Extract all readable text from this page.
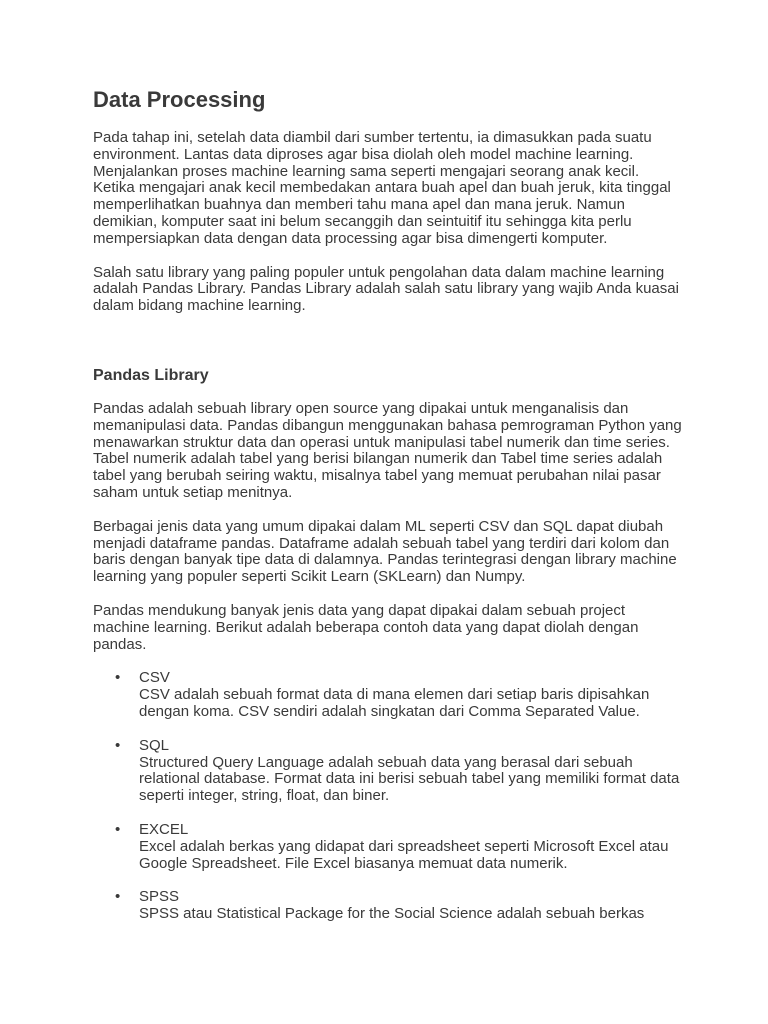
Data Processing

Pada tahap ini, setelah data diambil dari sumber tertentu, ia dimasukkan pada suatu environment. Lantas data diproses agar bisa diolah oleh model machine learning. Menjalankan proses machine learning sama seperti mengajari seorang anak kecil. Ketika mengajari anak kecil membedakan antara buah apel dan buah jeruk, kita tinggal memperlihatkan buahnya dan memberi tahu mana apel dan mana jeruk. Namun demikian, komputer saat ini belum secanggih dan seintuitif itu sehingga kita perlu mempersiapkan data dengan data processing agar bisa dimengerti komputer.

Salah satu library yang paling populer untuk pengolahan data dalam machine learning adalah Pandas Library. Pandas Library adalah salah satu library yang wajib Anda kuasai dalam bidang machine learning.

Pandas Library

Pandas adalah sebuah library open source yang dipakai untuk menganalisis dan memanipulasi data. Pandas dibangun menggunakan bahasa pemrograman Python yang menawarkan struktur data dan operasi untuk manipulasi tabel numerik dan time series. Tabel numerik adalah tabel yang berisi bilangan numerik dan Tabel time series adalah tabel yang berubah seiring waktu, misalnya tabel yang memuat perubahan nilai pasar saham untuk setiap menitnya.

Berbagai jenis data yang umum dipakai dalam ML seperti CSV dan SQL dapat diubah menjadi dataframe pandas. Dataframe adalah sebuah tabel yang terdiri dari kolom dan baris dengan banyak tipe data di dalamnya. Pandas terintegrasi dengan library machine learning yang populer seperti Scikit Learn (SKLearn) dan Numpy.

Pandas mendukung banyak jenis data yang dapat dipakai dalam sebuah project machine learning. Berikut adalah beberapa contoh data yang dapat diolah dengan pandas.

• CSV
CSV adalah sebuah format data di mana elemen dari setiap baris dipisahkan dengan koma. CSV sendiri adalah singkatan dari Comma Separated Value.
• SQL
Structured Query Language adalah sebuah data yang berasal dari sebuah relational database. Format data ini berisi sebuah tabel yang memiliki format data seperti integer, string, float, dan biner.
• EXCEL
Excel adalah berkas yang didapat dari spreadsheet seperti Microsoft Excel atau Google Spreadsheet. File Excel biasanya memuat data numerik.
• SPSS
SPSS atau Statistical Package for the Social Science adalah sebuah berkas
